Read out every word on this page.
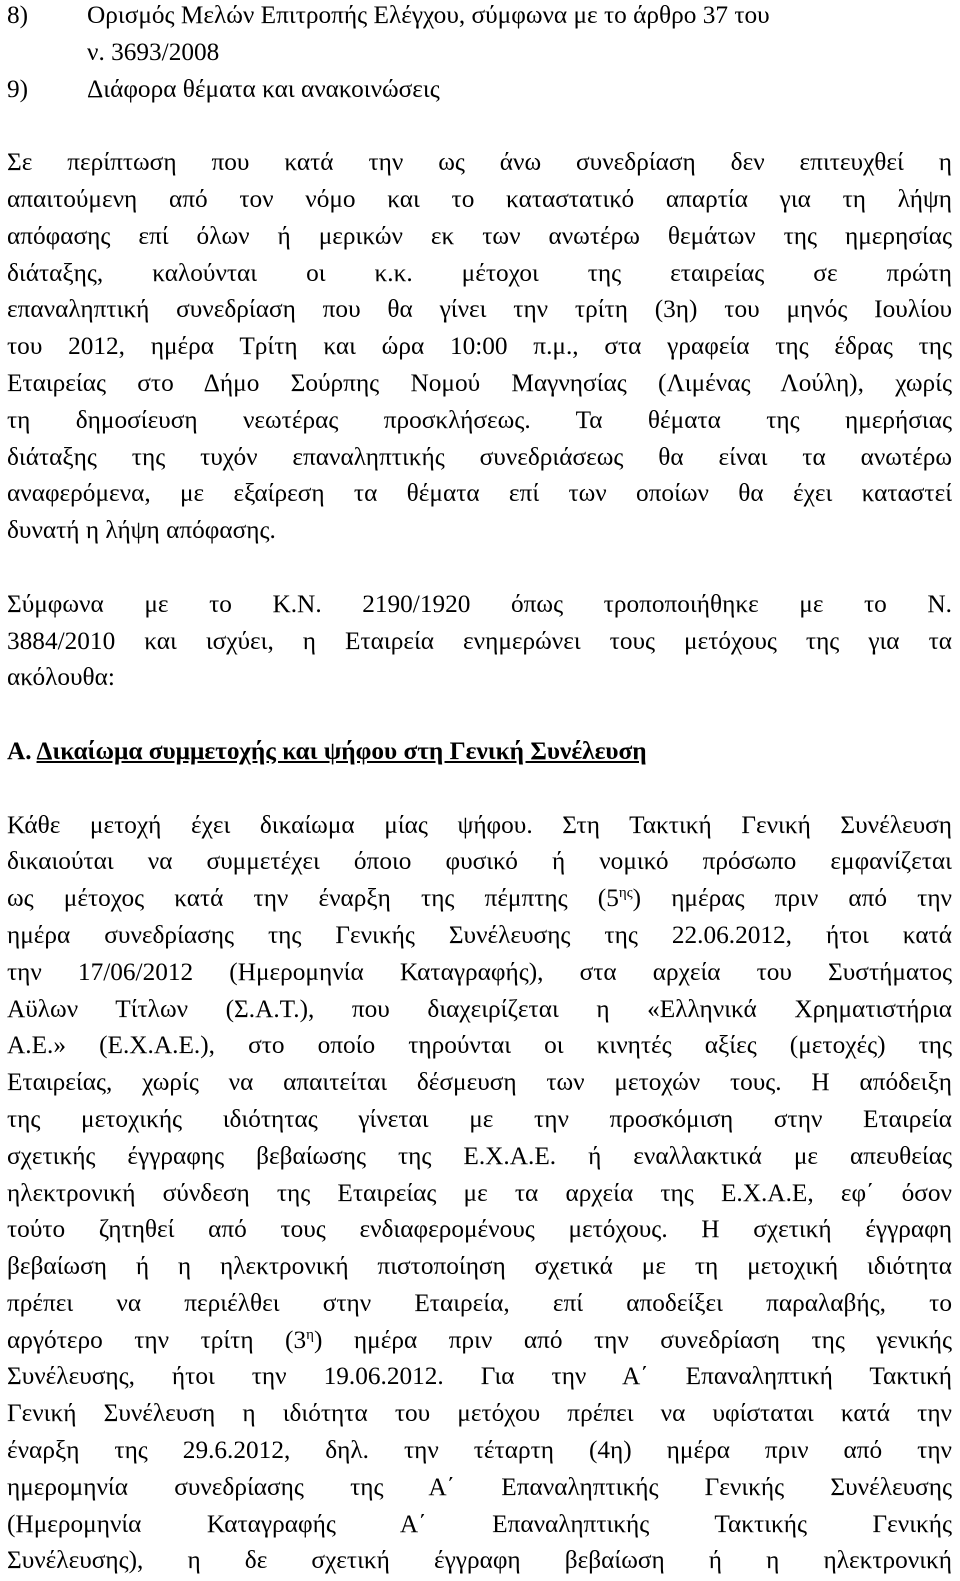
8) Ορισμός Μελών Επιτροπής Ελέγχου, σύμφωνα με το άρθρο 37 του
ν. 3693/2008
9) Διάφορα θέματα και ανακοινώσεις
Σε περίπτωση που κατά την ως άνω συνεδρίαση δεν επιτευχθεί η
απαιτούμενη από τον νόμο και το καταστατικό απαρτία για τη λήψη
απόφασης επί όλων ή μερικών εκ των ανωτέρω θεμάτων της ημερησίας
διάταξης, καλούνται οι κ.κ. μέτοχοι της εταιρείας σε πρώτη
επαναληπτική συνεδρίαση που θα γίνει την τρίτη (3η) του μηνός Ιουλίου
του 2012, ημέρα Τρίτη και ώρα 10:00 π.μ., στα γραφεία της έδρας της
Εταιρείας στο Δήμο Σούρπης Νομού Μαγνησίας (Λιμένας Λούλη), χωρίς
τη δημοσίευση νεωτέρας προσκλήσεως. Τα θέματα της ημερήσιας
διάταξης της τυχόν επαναληπτικής συνεδριάσεως θα είναι τα ανωτέρω
αναφερόμενα, με εξαίρεση τα θέματα επί των οποίων θα έχει καταστεί
δυνατή η λήψη απόφασης.
Σύμφωνα με το Κ.Ν. 2190/1920 όπως τροποποιήθηκε με το Ν.
3884/2010 και ισχύει, η Εταιρεία ενημερώνει τους μετόχους της για τα
ακόλουθα:
Α. Δικαίωμα συμμετοχής και ψήφου στη Γενική Συνέλευση
Κάθε μετοχή έχει δικαίωμα μίας ψήφου. Στη Τακτική Γενική Συνέλευση
δικαιούται να συμμετέχει όποιο φυσικό ή νομικό πρόσωπο εμφανίζεται
ως μέτοχος κατά την έναρξη της πέμπτης $(5^{\eta\varsigma})$ ημέρας πριν από την
ημέρα συνεδρίασης της Γενικής Συνέλευσης της 22.06.2012, ήτοι κατά
την 17/06/2012 (Ημερομηνία Καταγραφής), στα αρχεία του Συστήματος
Αϋλων Τίτλων (Σ.Α.Τ.), που διαχειρίζεται η «Ελληνικά Χρηματιστήρια
Α.Ε.» (Ε.Χ.Α.Ε.), στο οποίο τηρούνται οι κινητές αξίες (μετοχές) της
Εταιρείας, χωρίς να απαιτείται δέσμευση των μετοχών τους. Η απόδειξη
της μετοχικής ιδιότητας γίνεται με την προσκόμιση στην Εταιρεία
σχετικής έγγραφης βεβαίωσης της Ε.Χ.Α.Ε. ή εναλλακτικά με απευθείας
ηλεκτρονική σύνδεση της Εταιρείας με τα αρχεία της Ε.Χ.Α.Ε, εφ΄ όσον
τούτο ζητηθεί από τους ενδιαφερομένους μετόχους. Η σχετική έγγραφη
βεβαίωση ή η ηλεκτρονική πιστοποίηση σχετικά με τη μετοχική ιδιότητα
πρέπει να περιέλθει στην Εταιρεία, επί αποδείξει παραλαβής, το
αργότερο την τρίτη $(3^\eta)$ ημέρα πριν από την συνεδρίαση της γενικής
Συνέλευσης, ήτοι την 19.06.2012. Για την Α΄ Επαναληπτική Τακτική
Γενική Συνέλευση η ιδιότητα του μετόχου πρέπει να υφίσταται κατά την
έναρξη της 29.6.2012, δηλ. την τέταρτη (4η) ημέρα πριν από την
ημερομηνία συνεδρίασης της Α΄ Επαναληπτικής Γενικής Συνέλευσης
(Ημερομηνία Καταγραφής Α΄ Επαναληπτικής Τακτικής Γενικής
Συνέλευσης), η δε σχετική έγγραφη βεβαίωση ή η ηλεκτρονική
